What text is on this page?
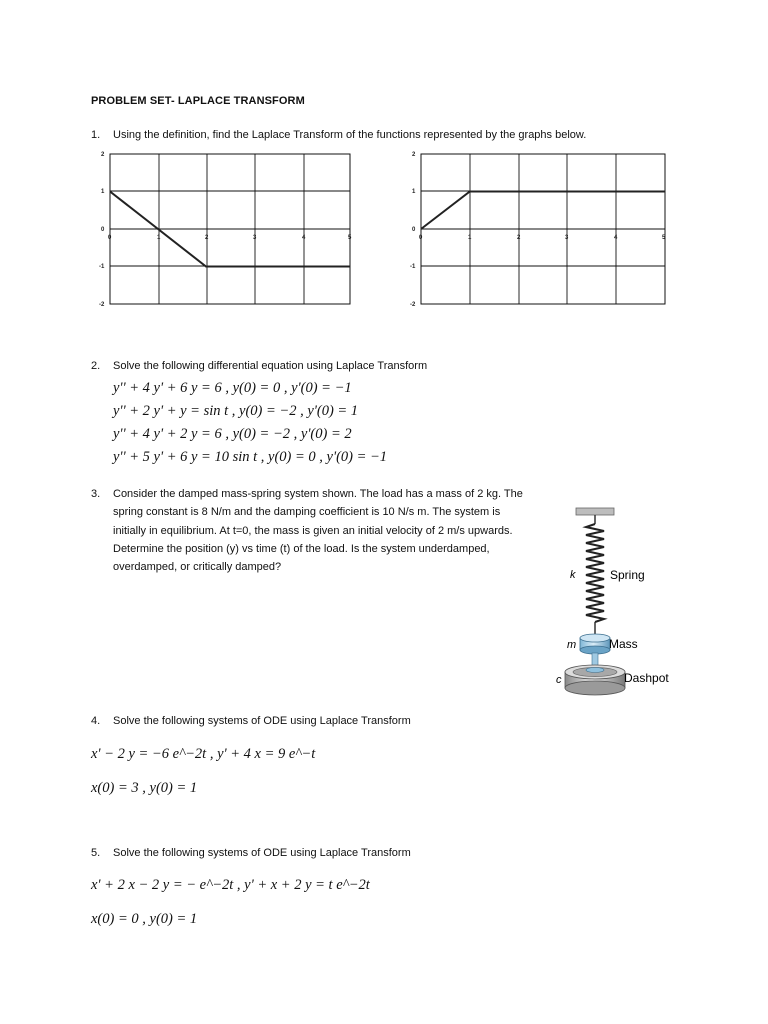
PROBLEM SET- LAPLACE TRANSFORM
1.	Using the definition, find the Laplace Transform of the functions represented by the graphs below.
2
1
0
-1
-2
0	1	2	3	4	5
2
1
0
-1
-2
0	1	2	3	4	5
2.	Solve the following differential equation using Laplace Transform
y'' + 4 y' + 6 y = 6 , y(0) = 0 , y'(0) = −1
y'' + 2 y' + y = sin t , y(0) = −2 , y'(0) = 1
y'' + 4 y' + 2 y = 6 , y(0) = −2 , y'(0) = 2
y'' + 5 y' + 6 y = 10 sin t , y(0) = 0 , y'(0) = −1
3.	Consider the damped mass-spring system shown. The load has a mass of 2 kg. The
spring constant is 8 N/m and the damping coefficient is 10 N/s m. The system is
initially in equilibrium. At t=0, the mass is given an initial velocity of 2 m/s upwards.
Determine the position (y) vs time (t) of the load. Is the system underdamped,
overdamped, or critically damped?
k	Spring
m	Mass
c	Dashpot
4.	Solve the following systems of ODE using Laplace Transform
x' − 2 y = −6 e^−2t , y' + 4 x = 9 e^−t
x(0) = 3 , y(0) = 1
5.	Solve the following systems of ODE using Laplace Transform
x' + 2 x − 2 y = − e^−2t , y' + x + 2 y = t e^−2t
x(0) = 0 , y(0) = 1
